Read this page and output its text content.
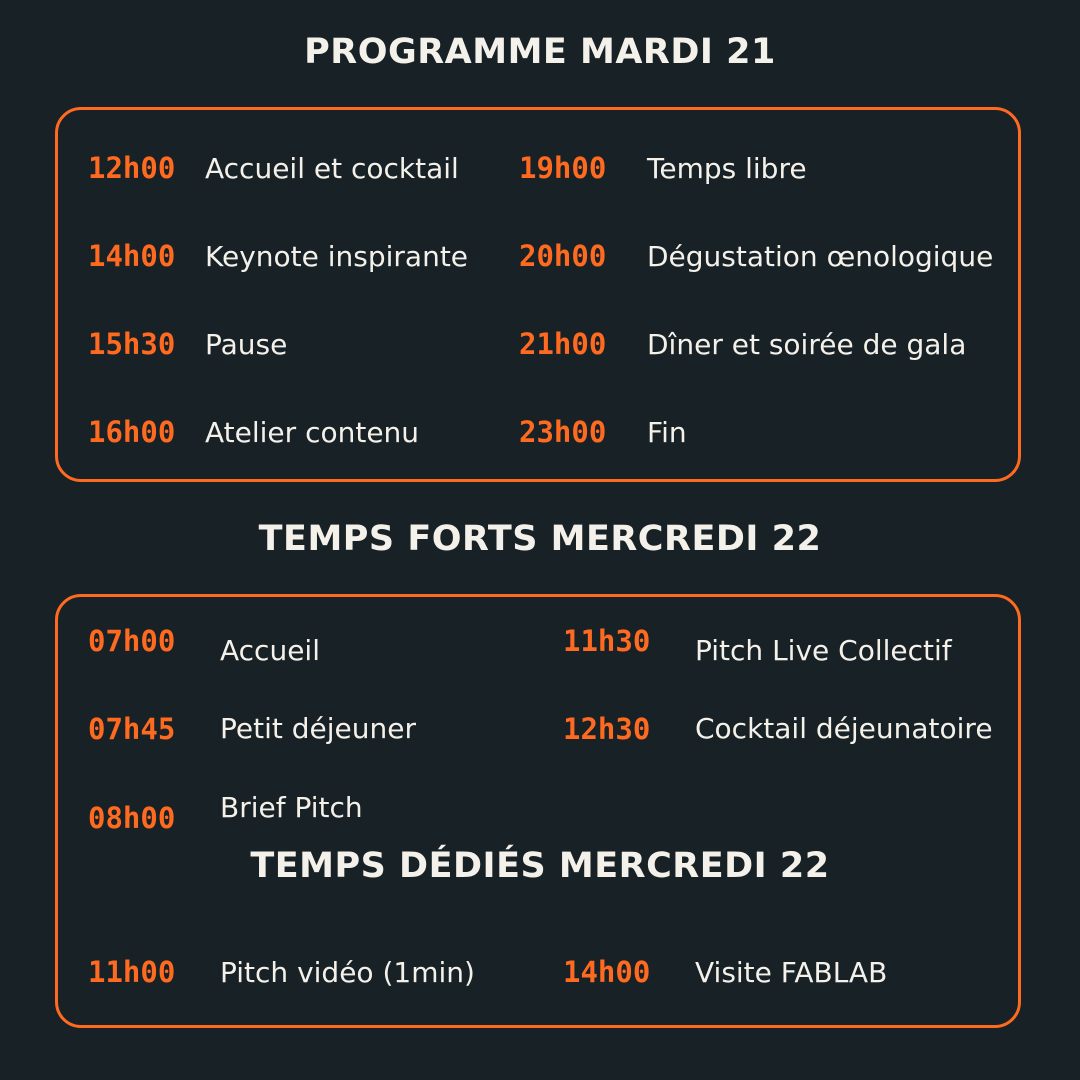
PROGRAMME MARDI 21
12h00 Accueil et cocktail
14h00 Keynote inspirante
15h30 Pause
16h00 Atelier contenu
19h00 Temps libre
20h00 Dégustation œnologique
21h00 Dîner et soirée de gala
23h00 Fin
TEMPS FORTS MERCREDI 22
07h00 Accueil
07h45 Petit déjeuner
08h00 Brief Pitch
11h30 Pitch Live Collectif
12h30 Cocktail déjeunatoire
TEMPS DÉDIÉS MERCREDI 22
11h00 Pitch vidéo (1min)	14h00 Visite FABLAB
